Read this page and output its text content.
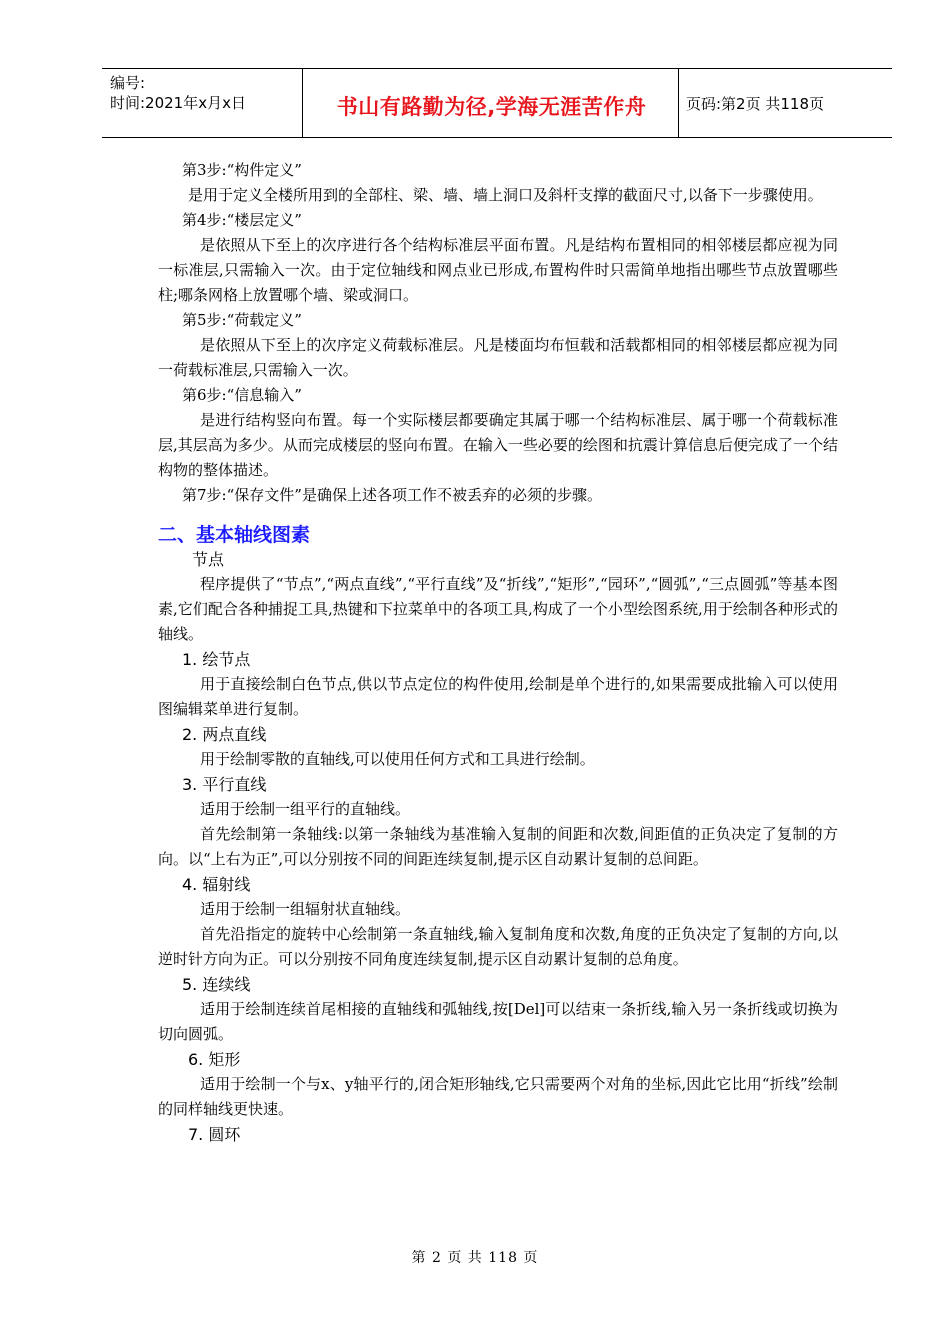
编号:
时间:2021年x月x日	书山有路勤为径,学海无涯苦作舟	页码:第2页 共118页

第3步:“构件定义”

是用于定义全楼所用到的全部柱、梁、墙、墙上洞口及斜杆支撑的截面尺寸,以备下一步骤使用。

第4步:“楼层定义”

是依照从下至上的次序进行各个结构标准层平面布置。凡是结构布置相同的相邻楼层都应视为同一标准层,只需输入一次。由于定位轴线和网点业已形成,布置构件时只需简单地指出哪些节点放置哪些柱;哪条网格上放置哪个墙、梁或洞口。

第5步:“荷载定义”

是依照从下至上的次序定义荷载标准层。凡是楼面均布恒载和活载都相同的相邻楼层都应视为同一荷载标准层,只需输入一次。

第6步:“信息输入”

是进行结构竖向布置。每一个实际楼层都要确定其属于哪一个结构标准层、属于哪一个荷载标准层,其层高为多少。从而完成楼层的竖向布置。在输入一些必要的绘图和抗震计算信息后便完成了一个结构物的整体描述。

第7步:“保存文件”是确保上述各项工作不被丢弃的必须的步骤。

二、基本轴线图素

节点

程序提供了“节点”,“两点直线”,“平行直线”及“折线”,“矩形”,“园环”,“圆弧”,“三点圆弧”等基本图素,它们配合各种捕捉工具,热键和下拉菜单中的各项工具,构成了一个小型绘图系统,用于绘制各种形式的轴线。

1. 绘节点

用于直接绘制白色节点,供以节点定位的构件使用,绘制是单个进行的,如果需要成批输入可以使用图编辑菜单进行复制。

2. 两点直线

用于绘制零散的直轴线,可以使用任何方式和工具进行绘制。

3. 平行直线

适用于绘制一组平行的直轴线。

首先绘制第一条轴线:以第一条轴线为基准输入复制的间距和次数,间距值的正负决定了复制的方向。以“上右为正”,可以分别按不同的间距连续复制,提示区自动累计复制的总间距。

4. 辐射线

适用于绘制一组辐射状直轴线。

首先沿指定的旋转中心绘制第一条直轴线,输入复制角度和次数,角度的正负决定了复制的方向,以逆时针方向为正。可以分别按不同角度连续复制,提示区自动累计复制的总角度。

5. 连续线

适用于绘制连续首尾相接的直轴线和弧轴线,按[Del]可以结束一条折线,输入另一条折线或切换为切向圆弧。

6. 矩形

适用于绘制一个与x、y轴平行的,闭合矩形轴线,它只需要两个对角的坐标,因此它比用“折线”绘制的同样轴线更快速。

7. 圆环

第 2 页 共 118 页
